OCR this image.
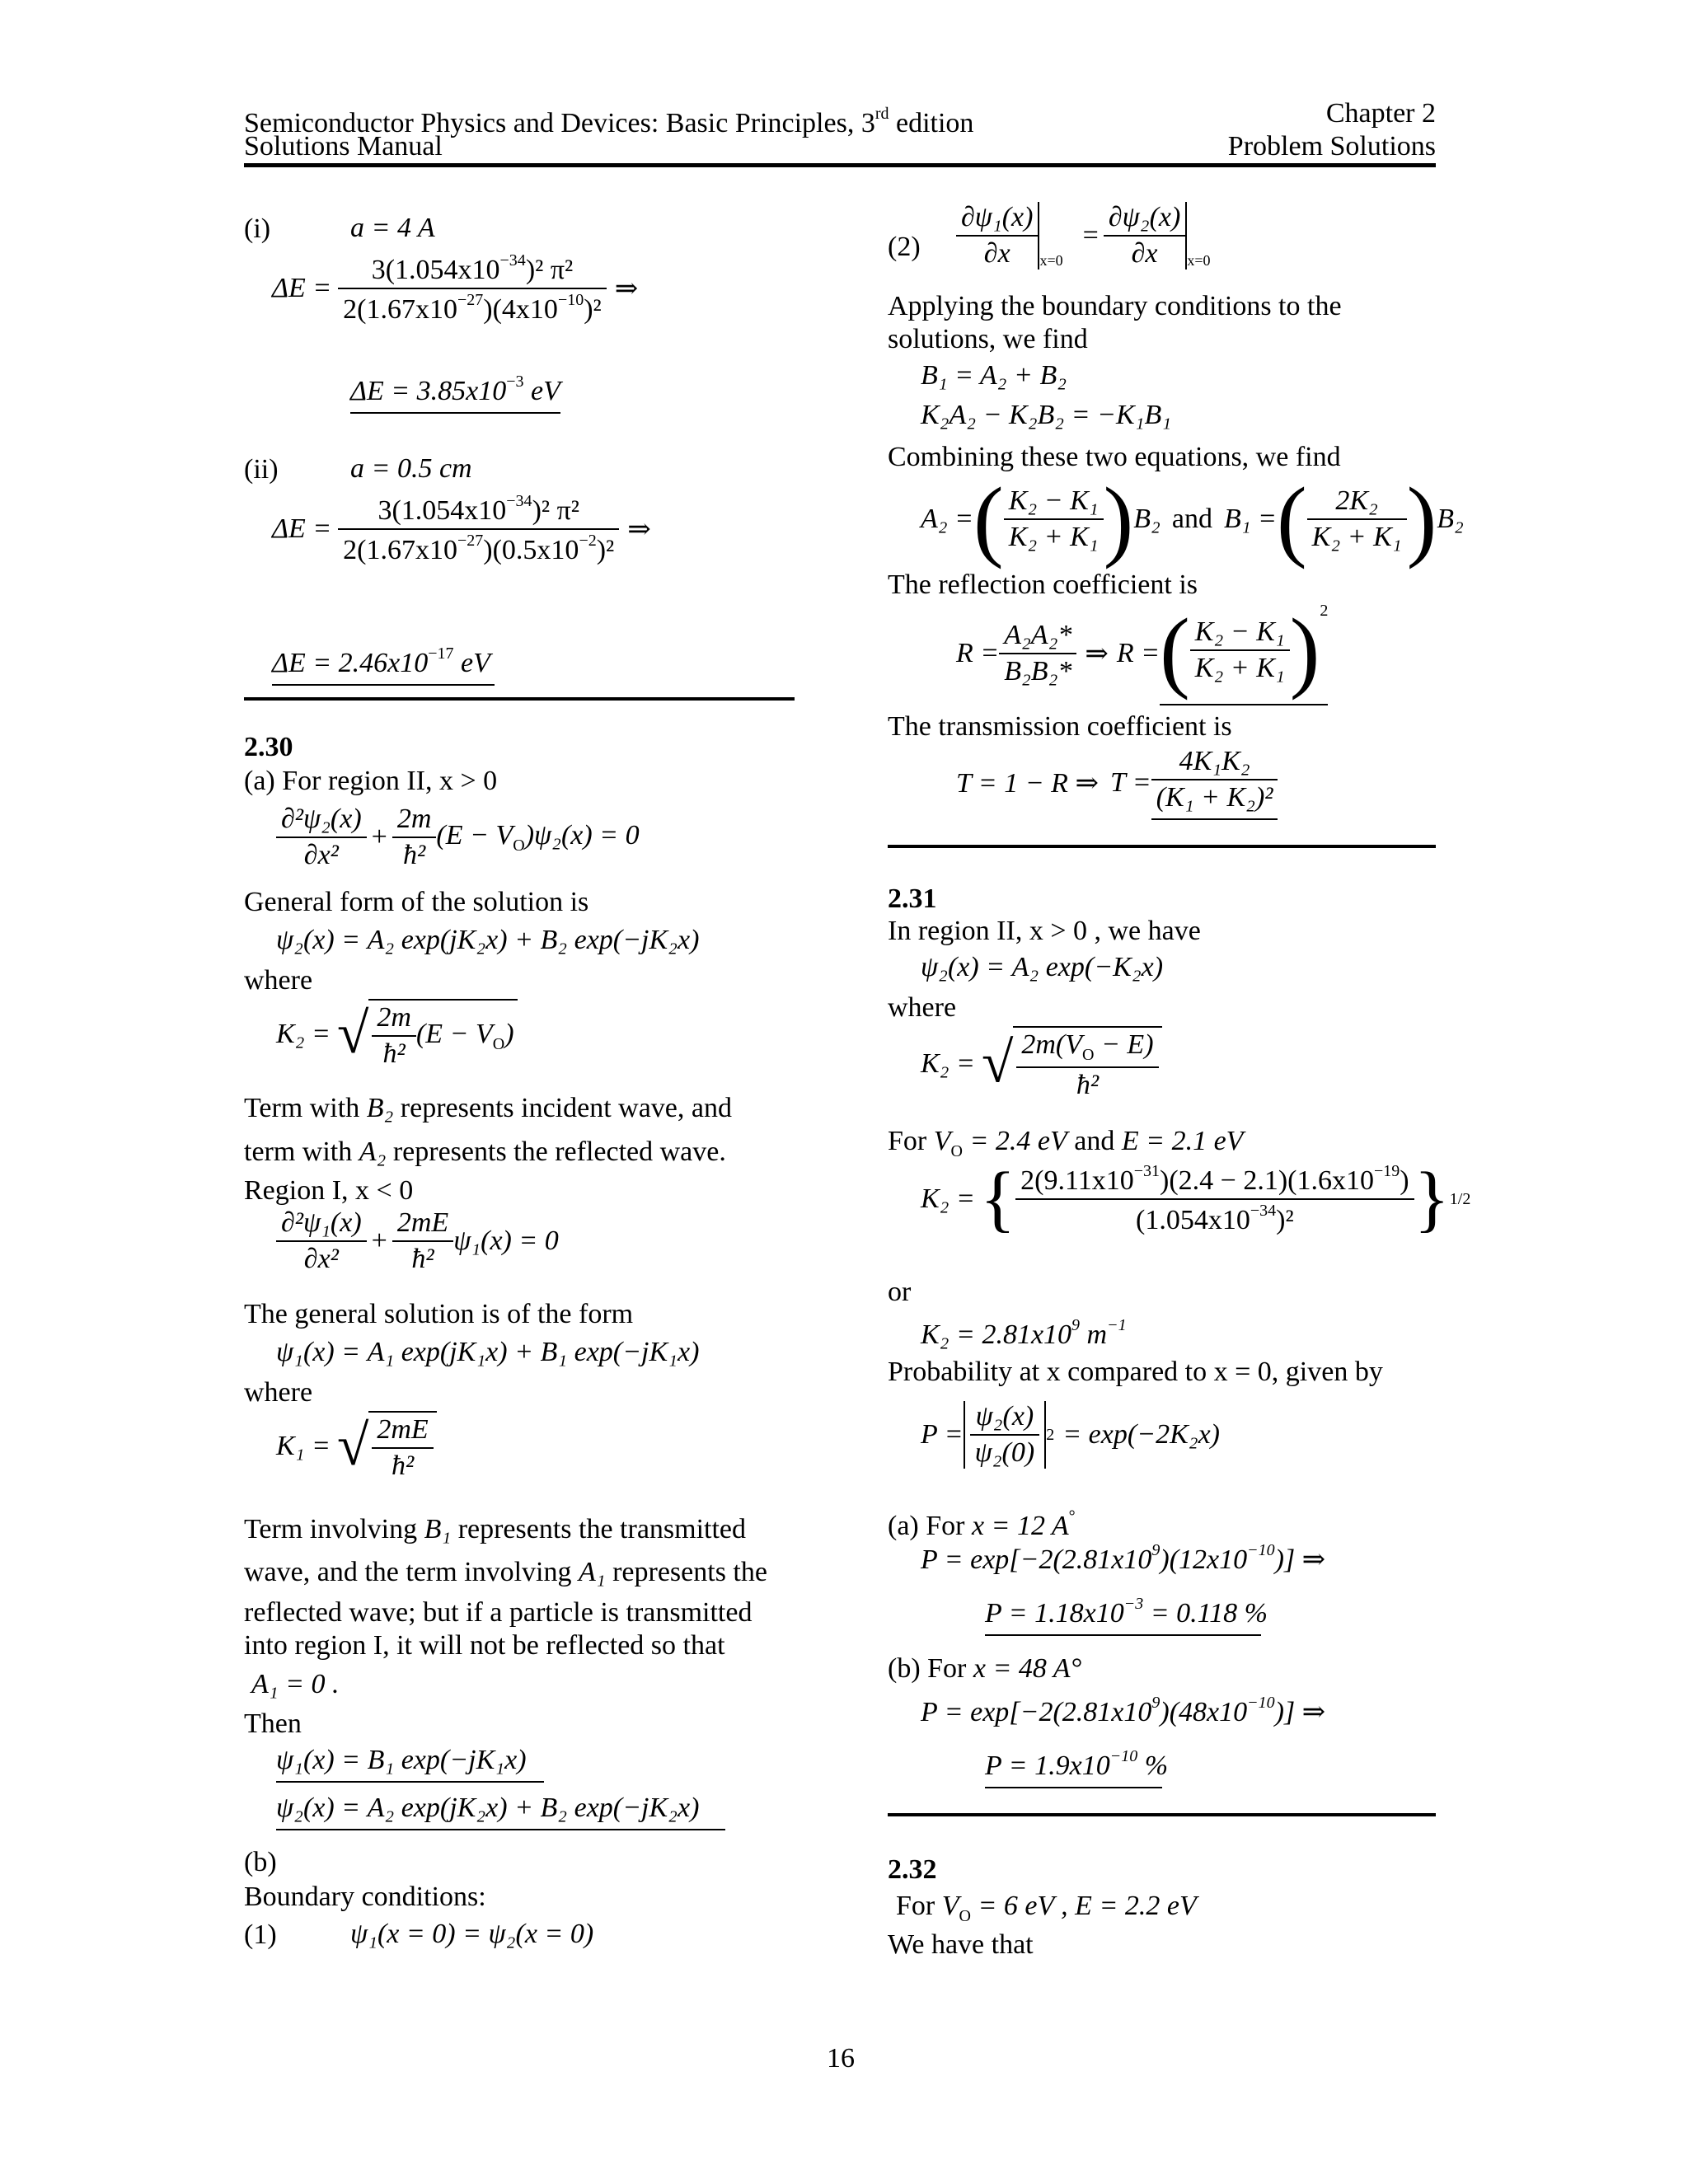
Semiconductor Physics and Devices: Basic Principles, 3rd edition
Solutions Manual
Chapter 2
Problem Solutions
(i)	a = 4 A
$\Delta E = \frac{3(1.054x10^{-34})^2 \pi^2}{2(1.67x10^{-27})(4x10^{-10})^2}$ ⇒
$\Delta E = 3.85x10^{-3}$ eV
(ii)	a = 0.5 cm
$\Delta E = \frac{3(1.054x10^{-34})^2 \pi^2}{2(1.67x10^{-27})(0.5x10^{-2})^2}$ ⇒
$\Delta E = 2.46x10^{-17}$ eV
2.30
(a) For region II, x > 0
$\frac{\text{∂²ψ₂(x)}}{\text{∂x²}} + \frac{2m}{\text{ħ²}} (E - V_O)\psi_2(x) = 0$
General form of the solution is
ψ₂(x) = A₂ exp(jK₂x) + B₂ exp(−jK₂x)
where
K₂ = √ $\frac{2m}{\text{ħ²}} (E - V_O)$
Term with B₂ represents incident wave, and
term with A₂ represents the reflected wave.
Region I, x < 0
$\frac{\text{∂²ψ₁(x)}}{\text{∂x²}} + \frac{2mE}{\text{ħ²}} \psi_1(x) = 0$
The general solution is of the form
ψ₁(x) = A₁ exp(jK₁x) + B₁ exp(−jK₁x)
where
K₁ = √ $\frac{2mE}{\text{ħ²}}$
Term involving B₁ represents the transmitted
wave, and the term involving A₁ represents the
reflected wave; but if a particle is transmitted
into region I, it will not be reflected so that
A₁ = 0 .
Then
ψ₁(x) = B₁ exp(−jK₁x)
ψ₂(x) = A₂ exp(jK₂x) + B₂ exp(−jK₂x)
(b)
Boundary conditions:
(1)	ψ₁(x = 0) = ψ₂(x = 0)
$(2) \frac{\text{∂ψ₁(x)}}{\partial x} x=0$
= $\frac{\text{∂ψ₂(x)}}{\partial x} x=0$
Applying the boundary conditions to the
solutions, we find
B₁ = A₂ + B₂
K₂A₂ − K₂B₂ = −K₁B₁
Combining these two equations, we find
A₂ = ( $\frac{\text{K₂ − K₁}}{\text{K₂ + K₁}}$ ) B₂ and B₁ = ( $\frac{\text{2K₂}}{\text{K₂ + K₁}}$ ) B₂
The reflection coefficient is
$R = \frac{\text{A₂A₂*}}{\text{B₂B₂*}}$ ⇒ R = ( $\frac{\text{K₂ − K₁}}{\text{K₂ + K₁}} )^2$
The transmission coefficient is
T = 1 − R ⇒ $T = \frac{\text{4K₁K₂}}{\text{(K₁ + K₂)²}}$
2.31
In region II, x > 0 , we have
ψ₂(x) = A₂ exp(−K₂x)
where
K₂ = √ $\frac{2m(V_O - E)}{\text{ħ²}}$
For $V_O = 2.4$ eV and E = 2.1 eV
K₂ = { $\frac{2(9.11x10^{-31})(2.4 - 2.1)(1.6x10^{-19})}{(1.054x10^{-34})^2}$ } 1/2
or
$K_2 = 2.81x10^9$ $m^{-1}$
Probability at x compared to x = 0, given by
$P = \frac{\text{ψ₂(x)}}{\text{ψ₂(0)}} 2 = \exp(-2K_2x)$
(a) For x = 12 A°
$P = \exp[-2(2.81x10^9)(12x10^{-10})]$ ⇒
$P = 1.18x10^{-3} = 0.118$ %
(b) For x = 48 A°
$P = \exp[-2(2.81x10^9)(48x10^{-10})]$ ⇒
$P = 1.9x10^{-10}$ %
2.32
For $V_O = 6$ eV , E = 2.2 eV
We have that
16
